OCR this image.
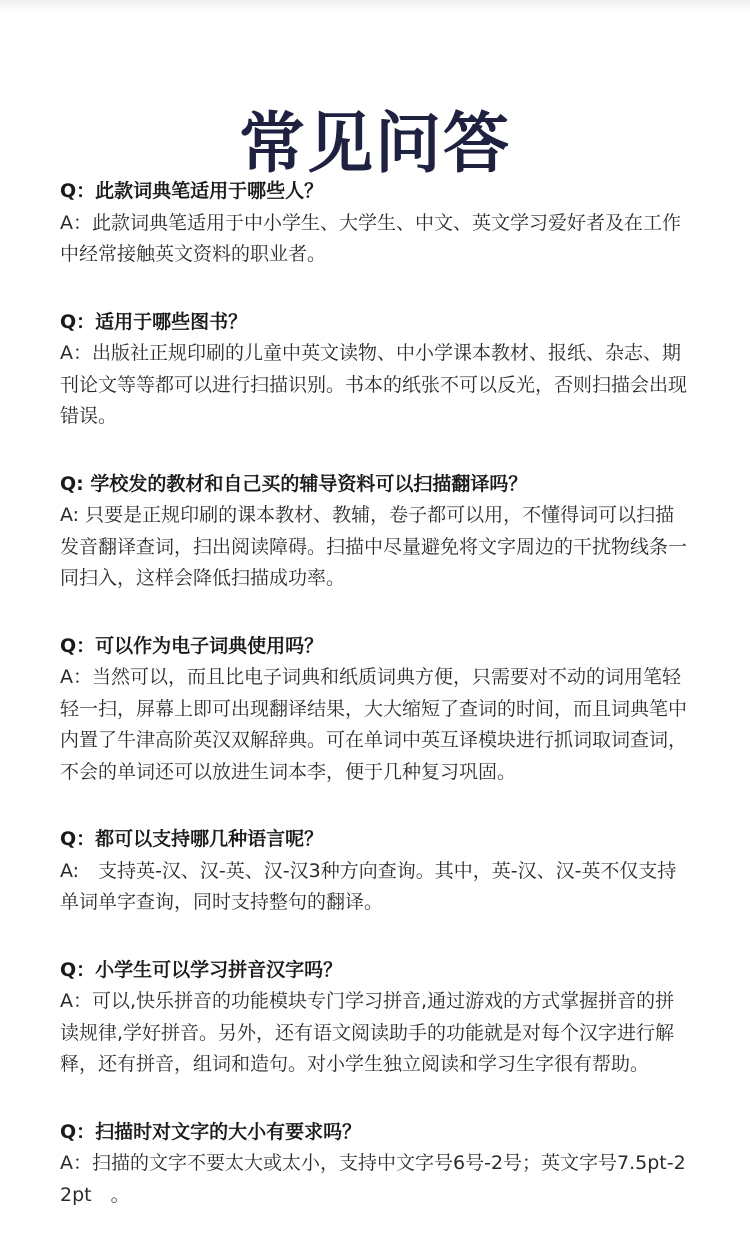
常见问答

Q：此款词典笔适用于哪些人？

A：此款词典笔适用于中小学生、大学生、中文、英文学习爱好者及在工作中经常接触英文资料的职业者。

Q：适用于哪些图书？

A：出版社正规印刷的儿童中英文读物、中小学课本教材、报纸、杂志、期刊论文等等都可以进行扫描识别。书本的纸张不可以反光，否则扫描会出现错误。

Q: 学校发的教材和自己买的辅导资料可以扫描翻译吗？

A: 只要是正规印刷的课本教材、教辅，卷子都可以用，不懂得词可以扫描发音翻译查词，扫出阅读障碍。扫描中尽量避免将文字周边的干扰物线条一同扫入，这样会降低扫描成功率。

Q：可以作为电子词典使用吗？

A：当然可以，而且比电子词典和纸质词典方便，只需要对不动的词用笔轻轻一扫，屏幕上即可出现翻译结果，大大缩短了查词的时间，而且词典笔中内置了牛津高阶英汉双解辞典。可在单词中英互译模块进行抓词取词查词，不会的单词还可以放进生词本李，便于几种复习巩固。

Q：都可以支持哪几种语言呢？

A:　支持英-汉、汉-英、汉-汉3种方向查询。其中，英-汉、汉-英不仅支持单词单字查询，同时支持整句的翻译。

Q：小学生可以学习拼音汉字吗？

A：可以,快乐拼音的功能模块专门学习拼音,通过游戏的方式掌握拼音的拼读规律,学好拼音。另外，还有语文阅读助手的功能就是对每个汉字进行解释，还有拼音，组词和造句。对小学生独立阅读和学习生字很有帮助。

Q：扫描时对文字的大小有要求吗？

A：扫描的文字不要太大或太小，支持中文字号6号-2号；英文字号7.5pt-22pt　。
